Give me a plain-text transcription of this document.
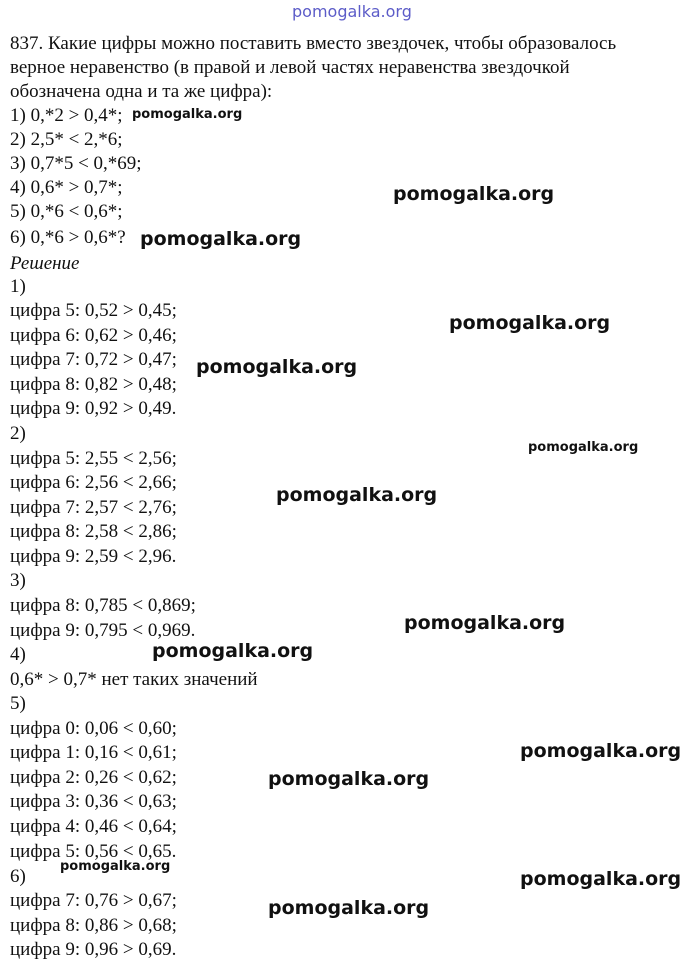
pomogalka.org
837. Какие цифры можно поставить вместо звездочек, чтобы образовалось
верное неравенство (в правой и левой частях неравенства звездочкой
обозначена одна и та же цифра):
1) 0,*2 > 0,4*;
2) 2,5* < 2,*6;
3) 0,7*5 < 0,*69;
4) 0,6* > 0,7*;
5) 0,*6 < 0,6*;
6) 0,*6 > 0,6*?
Решение
1)
цифра 5: 0,52 > 0,45;
цифра 6: 0,62 > 0,46;
цифра 7: 0,72 > 0,47;
цифра 8: 0,82 > 0,48;
цифра 9: 0,92 > 0,49.
2)
цифра 5: 2,55 < 2,56;
цифра 6: 2,56 < 2,66;
цифра 7: 2,57 < 2,76;
цифра 8: 2,58 < 2,86;
цифра 9: 2,59 < 2,96.
3)
цифра 8: 0,785 < 0,869;
цифра 9: 0,795 < 0,969.
4)
0,6* > 0,7* нет таких значений
5)
цифра 0: 0,06 < 0,60;
цифра 1: 0,16 < 0,61;
цифра 2: 0,26 < 0,62;
цифра 3: 0,36 < 0,63;
цифра 4: 0,46 < 0,64;
цифра 5: 0,56 < 0,65.
6)
цифра 7: 0,76 > 0,67;
цифра 8: 0,86 > 0,68;
цифра 9: 0,96 > 0,69.
pomogalka.org
pomogalka.org
pomogalka.org
pomogalka.org
pomogalka.org
pomogalka.org
pomogalka.org
pomogalka.org
pomogalka.org
pomogalka.org
pomogalka.org
pomogalka.org
pomogalka.org
pomogalka.org
